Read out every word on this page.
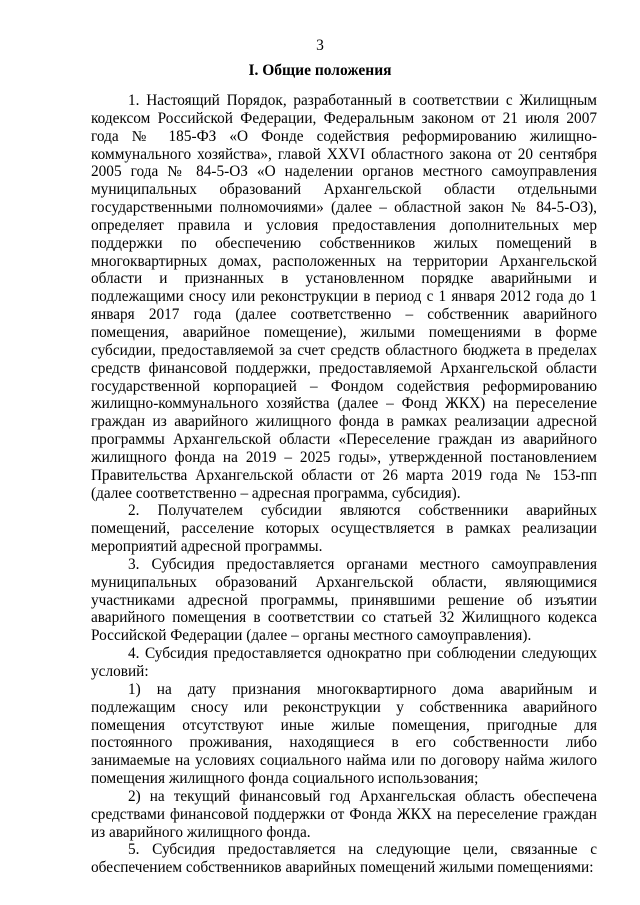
3
I. Общие положения

1. Настоящий Порядок, разработанный в соответствии с Жилищным кодексом Российской Федерации, Федеральным законом от 21 июля 2007 года № 185-ФЗ «О Фонде содействия реформированию жилищно-коммунального хозяйства», главой XXVI областного закона от 20 сентября 2005 года № 84-5-ОЗ «О наделении органов местного самоуправления муниципальных образований Архангельской области отдельными государственными полномочиями» (далее – областной закон № 84-5-ОЗ), определяет правила и условия предоставления дополнительных мер поддержки по обеспечению собственников жилых помещений в многоквартирных домах, расположенных на территории Архангельской области и признанных в установленном порядке аварийными и подлежащими сносу или реконструкции в период с 1 января 2012 года до 1 января 2017 года (далее соответственно – собственник аварийного помещения, аварийное помещение), жилыми помещениями в форме субсидии, предоставляемой за счет средств областного бюджета в пределах средств финансовой поддержки, предоставляемой Архангельской области государственной корпорацией – Фондом содействия реформированию жилищно-коммунального хозяйства (далее – Фонд ЖКХ) на переселение граждан из аварийного жилищного фонда в рамках реализации адресной программы Архангельской области «Переселение граждан из аварийного жилищного фонда на 2019 – 2025 годы», утвержденной постановлением Правительства Архангельской области от 26 марта 2019 года № 153-пп (далее соответственно – адресная программа, субсидия).

2. Получателем субсидии являются собственники аварийных помещений, расселение которых осуществляется в рамках реализации мероприятий адресной программы.

3. Субсидия предоставляется органами местного самоуправления муниципальных образований Архангельской области, являющимися участниками адресной программы, принявшими решение об изъятии аварийного помещения в соответствии со статьей 32 Жилищного кодекса Российской Федерации (далее – органы местного самоуправления).

4. Субсидия предоставляется однократно при соблюдении следующих условий:

1) на дату признания многоквартирного дома аварийным и подлежащим сносу или реконструкции у собственника аварийного помещения отсутствуют иные жилые помещения, пригодные для постоянного проживания, находящиеся в его собственности либо занимаемые на условиях социального найма или по договору найма жилого помещения жилищного фонда социального использования;

2) на текущий финансовый год Архангельская область обеспечена средствами финансовой поддержки от Фонда ЖКХ на переселение граждан из аварийного жилищного фонда.

5. Субсидия предоставляется на следующие цели, связанные с обеспечением собственников аварийных помещений жилыми помещениями:
